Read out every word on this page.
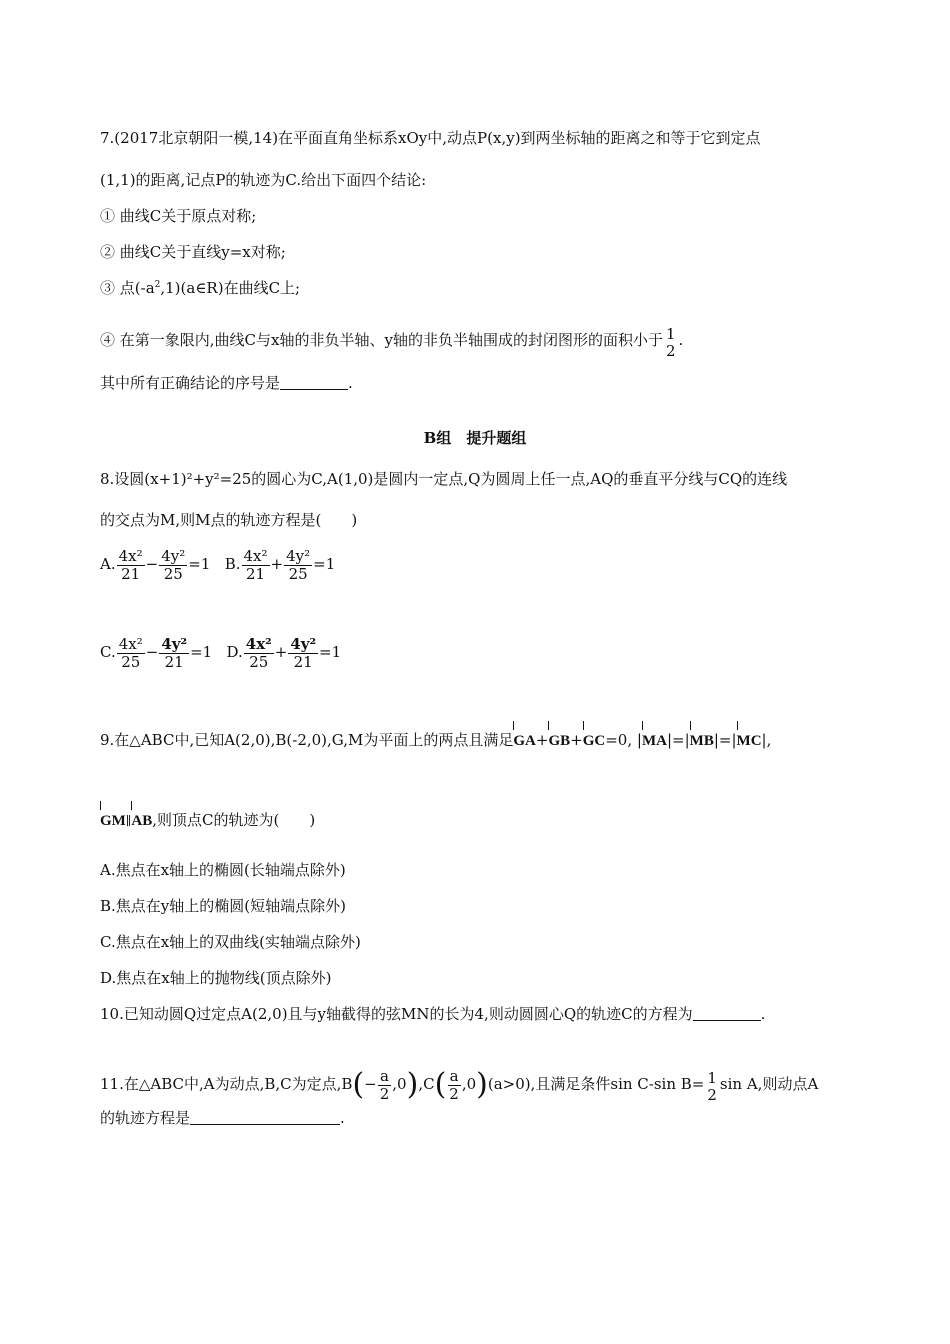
7.(2017北京朝阳一模,14)在平面直角坐标系xOy中,动点P(x,y)到两坐标轴的距离之和等于它到定点
(1,1)的距离,记点P的轨迹为C.给出下面四个结论:
① 曲线C关于原点对称;
② 曲线C关于直线y=x对称;
③ 点$(-a^2,1)(a\in R)$在曲线C上;
④ 在第一象限内,曲线C与x轴的非负半轴、y轴的非负半轴围成的封闭图形的面积小于 1
2
.
其中所有正确结论的序号是	.
B组　提升题组
8.设圆(x+1)²+y²=25的圆心为C,A(1,0)是圆内一定点,Q为圆周上任一点,AQ的垂直平分线与CQ的连线
的交点为M,则M点的轨迹方程是(　　)
A. $\frac{\text{4x²}}{21} - \frac{\text{4y²}}{25} =1$ B. $\frac{\text{4x²}}{21} + \frac{\text{4y²}}{25} =1$
C. $\frac{\text{4x²}}{25} - \frac{\text{4y²}}{21} =1$ D. $\frac{\text{4x²}}{25} + \frac{\text{4y²}}{21} =1$
9.在△ABC中,已知A(2,0),B(-2,0),G,M为平面上的两点且满足GA+GB+GC=0, |MA|=|MB|=|MC|,
GM∥AB,则顶点C的轨迹为(　　)
A.焦点在x轴上的椭圆(长轴端点除外)
B.焦点在y轴上的椭圆(短轴端点除外)
C.焦点在x轴上的双曲线(实轴端点除外)
D.焦点在x轴上的抛物线(顶点除外)
10.已知动圆Q过定点A(2,0)且与y轴截得的弦MN的长为4,则动圆圆心Q的轨迹C的方程为	.
11.在△ABC中,A为动点,B,C为定点$,B(- \frac{a}{2} ,0),C( \frac{a}{2} ,0)(a>0)$,且满足条件sin C-sin B= 1
2
sin A,则动点A
的轨迹方程是	.
